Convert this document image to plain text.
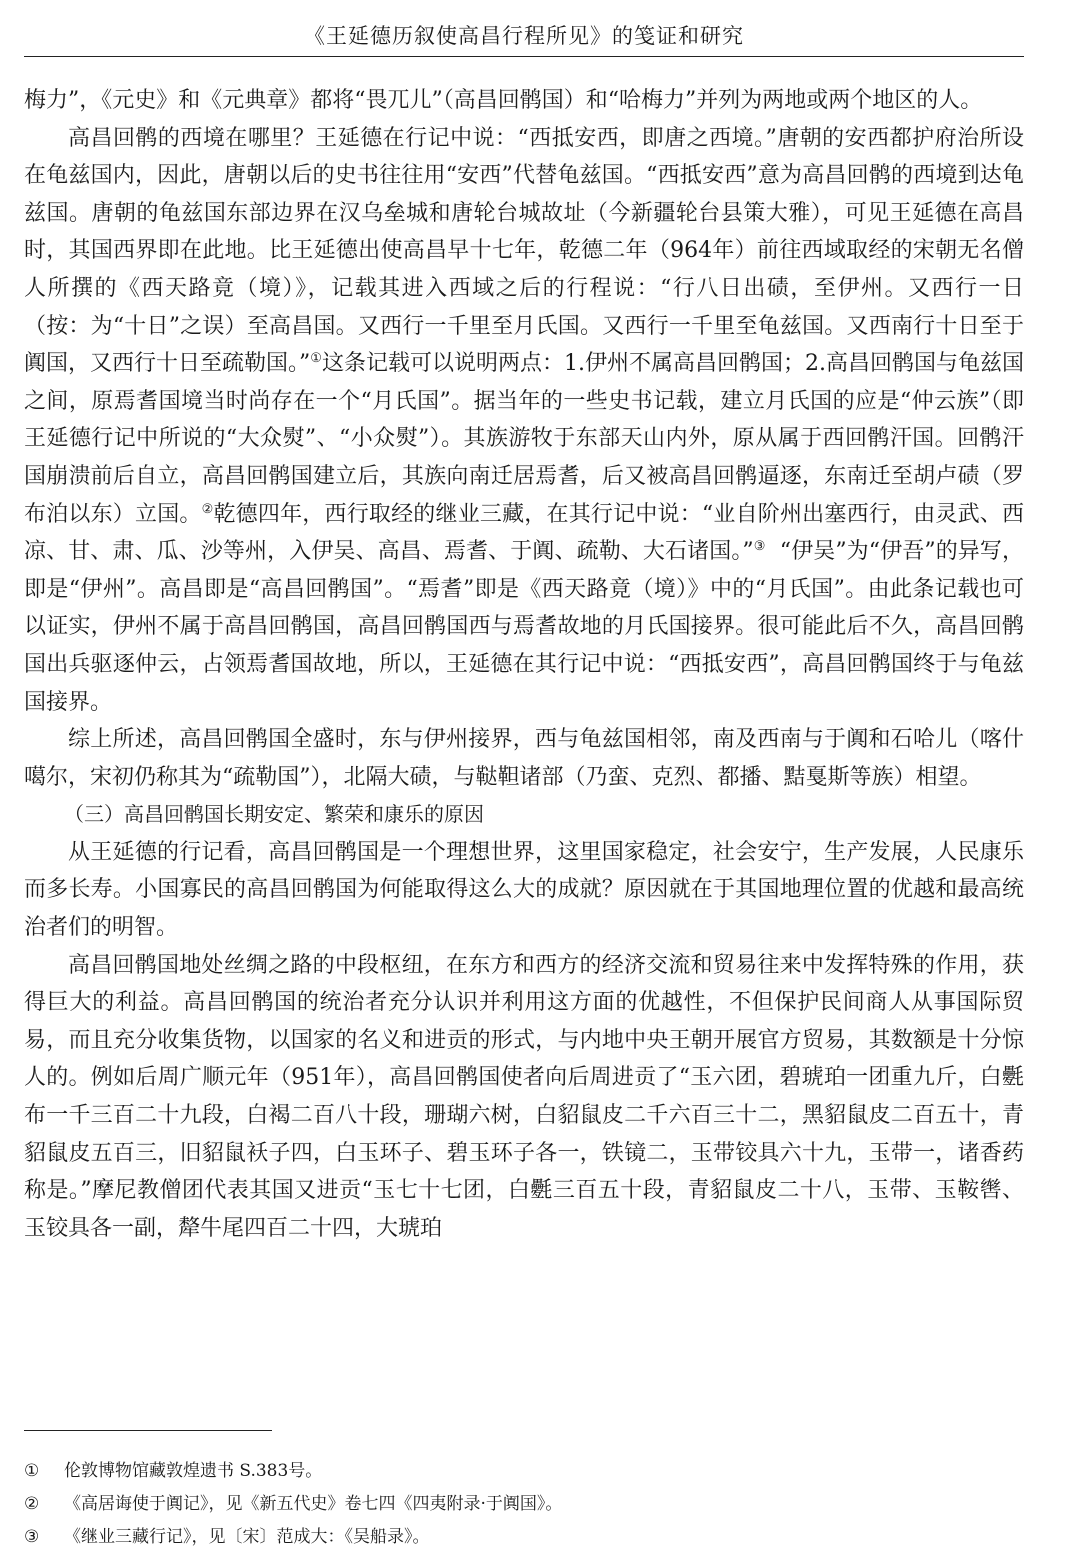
《王延德历叙使高昌行程所见》的笺证和研究

梅力”，《元史》和《元典章》都将“畏兀儿”（高昌回鹘国）和“哈梅力”并列为两地或两个地区的人。

高昌回鹘的西境在哪里？王延德在行记中说：“西抵安西，即唐之西境。”唐朝的安西都护府治所设在龟兹国内，因此，唐朝以后的史书往往用“安西”代替龟兹国。“西抵安西”意为高昌回鹘的西境到达龟兹国。唐朝的龟兹国东部边界在汉乌垒城和唐轮台城故址（今新疆轮台县策大雅），可见王延德在高昌时，其国西界即在此地。比王延德出使高昌早十七年，乾德二年（964年）前往西域取经的宋朝无名僧人所撰的《西天路竟（境）》，记载其进入西域之后的行程说：“行八日出碛，至伊州。又西行一日（按：为“十日”之误）至高昌国。又西行一千里至月氏国。又西行一千里至龟兹国。又西南行十日至于阗国，又西行十日至疏勒国。”①这条记载可以说明两点：1.伊州不属高昌回鹘国；2.高昌回鹘国与龟兹国之间，原焉耆国境当时尚存在一个“月氏国”。据当年的一些史书记载，建立月氏国的应是“仲云族”（即王延德行记中所说的“大众熨”、“小众熨”）。其族游牧于东部天山内外，原从属于西回鹘汗国。回鹘汗国崩溃前后自立，高昌回鹘国建立后，其族向南迁居焉耆，后又被高昌回鹘逼逐，东南迁至胡卢碛（罗布泊以东）立国。②乾德四年，西行取经的继业三藏，在其行记中说：“业自阶州出塞西行，由灵武、西凉、甘、肃、瓜、沙等州，入伊吴、高昌、焉耆、于阗、疏勒、大石诸国。”③ “伊吴”为“伊吾”的异写，即是“伊州”。高昌即是“高昌回鹘国”。“焉耆”即是《西天路竟（境）》中的“月氏国”。由此条记载也可以证实，伊州不属于高昌回鹘国，高昌回鹘国西与焉耆故地的月氏国接界。很可能此后不久，高昌回鹘国出兵驱逐仲云，占领焉耆国故地，所以，王延德在其行记中说：“西抵安西”，高昌回鹘国终于与龟兹国接界。

综上所述，高昌回鹘国全盛时，东与伊州接界，西与龟兹国相邻，南及西南与于阗和石哈儿（喀什噶尔，宋初仍称其为“疏勒国”），北隔大碛，与鞑靼诸部（乃蛮、克烈、都播、黠戛斯等族）相望。

（三）高昌回鹘国长期安定、繁荣和康乐的原因

从王延德的行记看，高昌回鹘国是一个理想世界，这里国家稳定，社会安宁，生产发展，人民康乐而多长寿。小国寡民的高昌回鹘国为何能取得这么大的成就？原因就在于其国地理位置的优越和最高统治者们的明智。

高昌回鹘国地处丝绸之路的中段枢纽，在东方和西方的经济交流和贸易往来中发挥特殊的作用，获得巨大的利益。高昌回鹘国的统治者充分认识并利用这方面的优越性，不但保护民间商人从事国际贸易，而且充分收集货物，以国家的名义和进贡的形式，与内地中央王朝开展官方贸易，其数额是十分惊人的。例如后周广顺元年（951年），高昌回鹘国使者向后周进贡了“玉六团，碧琥珀一团重九斤，白氎布一千三百二十九段，白褐二百八十段，珊瑚六树，白貂鼠皮二千六百三十二，黑貂鼠皮二百五十，青貂鼠皮五百三，旧貂鼠袄子四，白玉环子、碧玉环子各一，铁镜二，玉带铰具六十九，玉带一，诸香药称是。”摩尼教僧团代表其国又进贡“玉七十七团，白氎三百五十段，青貂鼠皮二十八，玉带、玉鞍辔、玉铰具各一副，犛牛尾四百二十四，大琥珀

①	伦敦博物馆藏敦煌遗书 S.383号。
②	《高居诲使于阗记》，见《新五代史》卷七四《四夷附录·于阗国》。
③	《继业三藏行记》，见〔宋〕范成大：《吴船录》。
